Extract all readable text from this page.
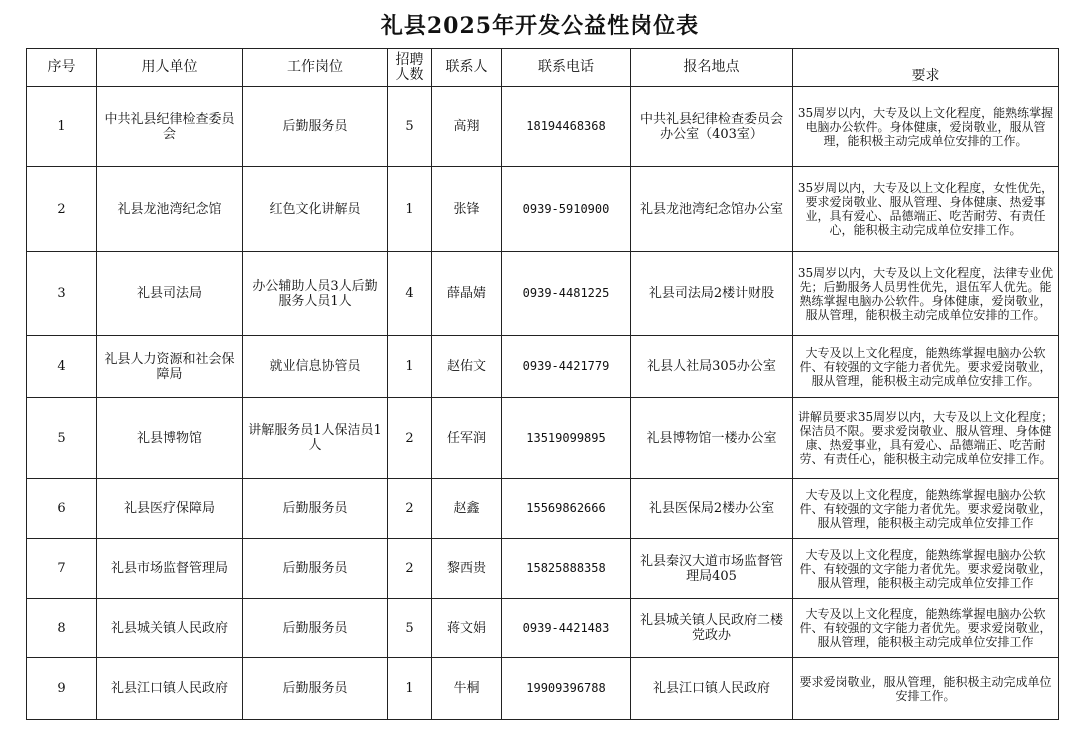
礼县2025年开发公益性岗位表
序号	用人单位	工作岗位	招聘人数	联系人	联系电话	报名地点	要求
1	中共礼县纪律检查委员会	后勤服务员	5	高翔	18194468368	中共礼县纪律检查委员会办公室（403室）	35周岁以内，大专及以上文化程度，能熟练掌握电脑办公软件。身体健康，爱岗敬业，服从管理，能积极主动完成单位安排的工作。
2	礼县龙池湾纪念馆	红色文化讲解员	1	张锋	0939-5910900	礼县龙池湾纪念馆办公室	35岁周以内，大专及以上文化程度，女性优先，要求爱岗敬业、服从管理、身体健康、热爱事业，具有爱心、品德端正、吃苦耐劳、有责任心，能积极主动完成单位安排工作。
3	礼县司法局	办公辅助人员3人后勤服务人员1人	4	薛晶婧	0939-4481225	礼县司法局2楼计财股	35周岁以内，大专及以上文化程度，法律专业优先；后勤服务人员男性优先，退伍军人优先。能熟练掌握电脑办公软件。身体健康，爱岗敬业，服从管理，能积极主动完成单位安排的工作。
4	礼县人力资源和社会保障局	就业信息协管员	1	赵佑文	0939-4421779	礼县人社局305办公室	大专及以上文化程度，能熟练掌握电脑办公软件、有较强的文字能力者优先。要求爱岗敬业，服从管理，能积极主动完成单位安排工作。
5	礼县博物馆	讲解服务员1人保洁员1人	2	任军润	13519099895	礼县博物馆一楼办公室	讲解员要求35周岁以内，大专及以上文化程度；保洁员不限。要求爱岗敬业、服从管理、身体健康、热爱事业，具有爱心、品德端正、吃苦耐劳、有责任心，能积极主动完成单位安排工作。
6	礼县医疗保障局	后勤服务员	2	赵鑫	15569862666	礼县医保局2楼办公室	大专及以上文化程度，能熟练掌握电脑办公软件、有较强的文字能力者优先。要求爱岗敬业，服从管理，能积极主动完成单位安排工作
7	礼县市场监督管理局	后勤服务员	2	黎西贵	15825888358	礼县秦汉大道市场监督管理局405	大专及以上文化程度，能熟练掌握电脑办公软件、有较强的文字能力者优先。要求爱岗敬业，服从管理，能积极主动完成单位安排工作
8	礼县城关镇人民政府	后勤服务员	5	蒋文娟	0939-4421483	礼县城关镇人民政府二楼党政办	大专及以上文化程度，能熟练掌握电脑办公软件、有较强的文字能力者优先。要求爱岗敬业，服从管理，能积极主动完成单位安排工作
9	礼县江口镇人民政府	后勤服务员	1	牛桐	19909396788	礼县江口镇人民政府	要求爱岗敬业，服从管理，能积极主动完成单位安排工作。
